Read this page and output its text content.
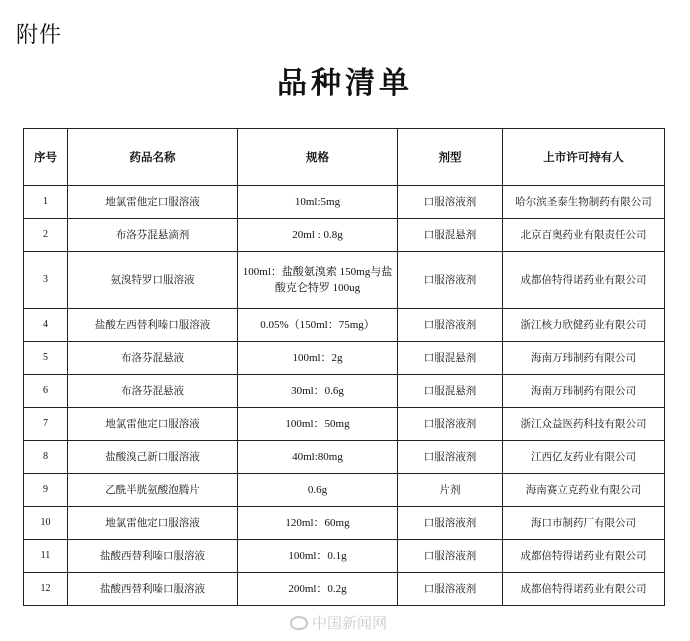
附件
品种清单
序号	药品名称	规格	剂型	上市许可持有人
1	地氯雷他定口服溶液	10ml:5mg	口服溶液剂	哈尔滨圣泰生物制药有限公司
2	布洛芬混悬滴剂	20ml : 0.8g	口服混悬剂	北京百奥药业有限责任公司
3	氨溴特罗口服溶液	100ml：盐酸氨溴索 150mg与盐酸克仑特罗 100ug	口服溶液剂	成都倍特得诺药业有限公司
4	盐酸左西替利嗪口服溶液	0.05%（150ml：75mg）	口服溶液剂	浙江核力欣健药业有限公司
5	布洛芬混悬液	100ml：2g	口服混悬剂	海南万玮制药有限公司
6	布洛芬混悬液	30ml：0.6g	口服混悬剂	海南万玮制药有限公司
7	地氯雷他定口服溶液	100ml：50mg	口服溶液剂	浙江众益医药科技有限公司
8	盐酸溴己新口服溶液	40ml:80mg	口服溶液剂	江西亿友药业有限公司
9	乙酰半胱氨酸泡腾片	0.6g	片剂	海南赛立克药业有限公司
10	地氯雷他定口服溶液	120ml：60mg	口服溶液剂	海口市制药厂有限公司
11	盐酸西替利嗪口服溶液	100ml：0.1g	口服溶液剂	成都倍特得诺药业有限公司
12	盐酸西替利嗪口服溶液	200ml：0.2g	口服溶液剂	成都倍特得诺药业有限公司
中国新闻网
